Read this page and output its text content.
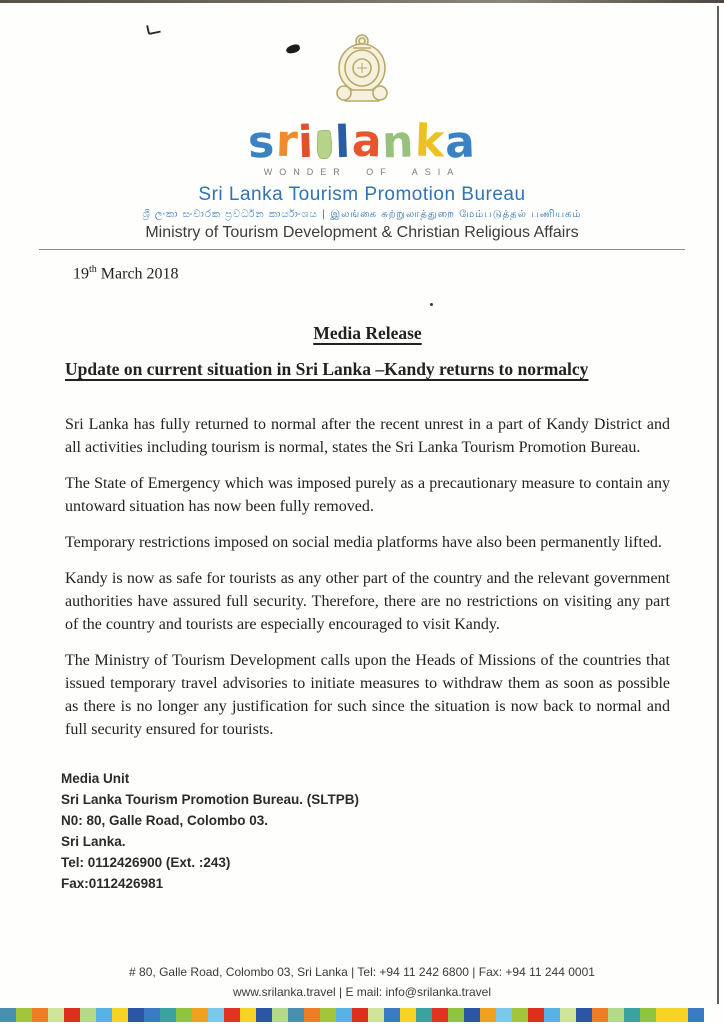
sri lanka
WONDER OF ASIA
Sri Lanka Tourism Promotion Bureau
ශ්‍රී ලංකා සංචාරක ප්‍රවර්ධන කාර්යාංශය | இலங்கை சுற்றுலாத்துறை மேம்படுத்தல் பணியகம்
Ministry of Tourism Development & Christian Religious Affairs
19th March 2018
Media Release
Update on current situation in Sri Lanka –Kandy returns to normalcy

Sri Lanka has fully returned to normal after the recent unrest in a part of Kandy District and all activities including tourism is normal, states the Sri Lanka Tourism Promotion Bureau.

The State of Emergency which was imposed purely as a precautionary measure to contain any untoward situation has now been fully removed.

Temporary restrictions imposed on social media platforms have also been permanently lifted.

Kandy is now as safe for tourists as any other part of the country and the relevant government authorities have assured full security. Therefore, there are no restrictions on visiting any part of the country and tourists are especially encouraged to visit Kandy.

The Ministry of Tourism Development calls upon the Heads of Missions of the countries that issued temporary travel advisories to initiate measures to withdraw them as soon as possible as there is no longer any justification for such since the situation is now back to normal and full security ensured for tourists.

Media Unit
Sri Lanka Tourism Promotion Bureau. (SLTPB)
N0: 80, Galle Road, Colombo 03.
Sri Lanka.
Tel: 0112426900 (Ext. :243)
Fax:0112426981
# 80, Galle Road, Colombo 03, Sri Lanka | Tel: +94 11 242 6800 | Fax: +94 11 244 0001
www.srilanka.travel | E mail: info@srilanka.travel
